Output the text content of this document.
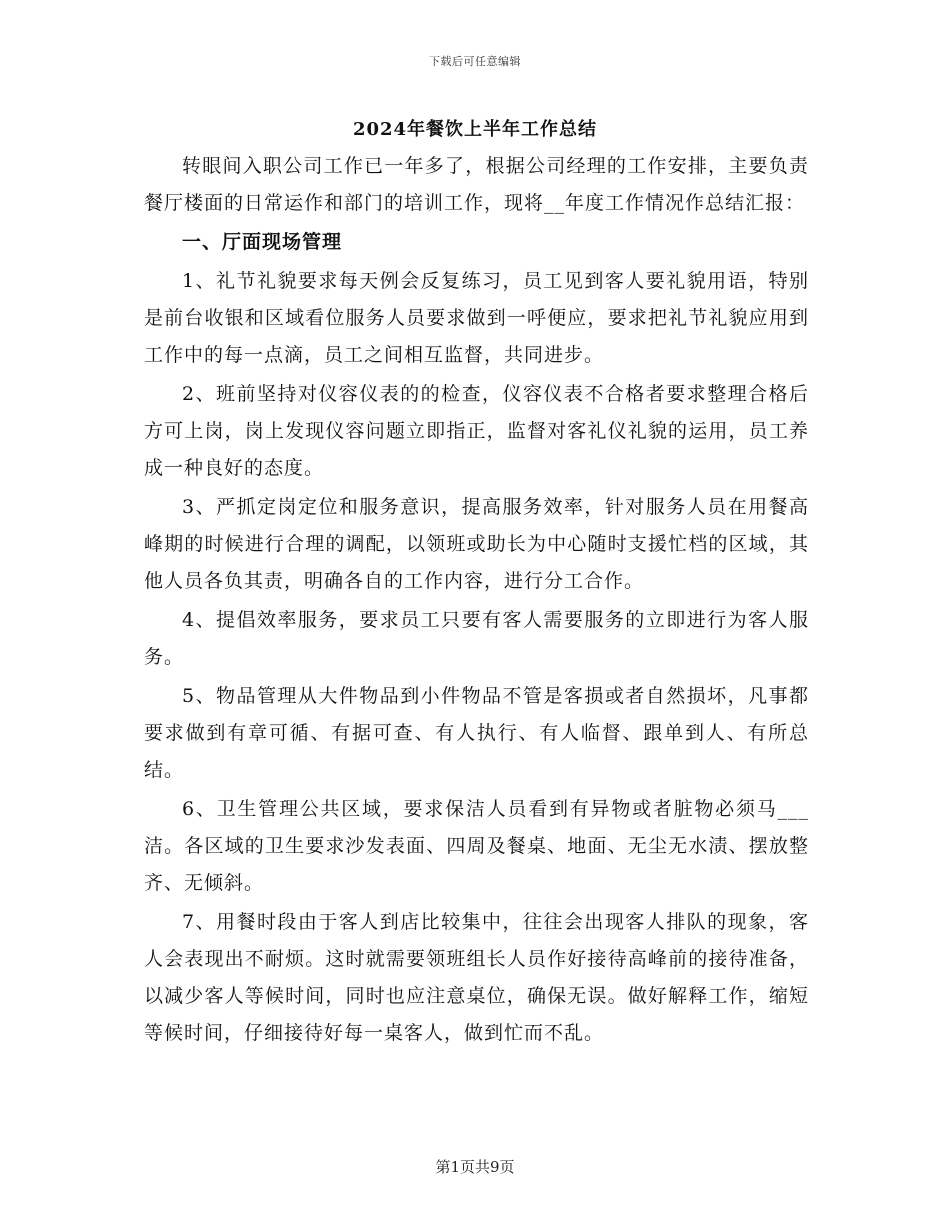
下载后可任意编辑
2024年餐饮上半年工作总结

转眼间入职公司工作已一年多了，根据公司经理的工作安排，主要负责餐厅楼面的日常运作和部门的培训工作，现将__年度工作情况作总结汇报：

一、厅面现场管理

1、礼节礼貌要求每天例会反复练习，员工见到客人要礼貌用语，特别是前台收银和区域看位服务人员要求做到一呼便应，要求把礼节礼貌应用到工作中的每一点滴，员工之间相互监督，共同进步。

2、班前坚持对仪容仪表的的检查，仪容仪表不合格者要求整理合格后方可上岗，岗上发现仪容问题立即指正，监督对客礼仪礼貌的运用，员工养成一种良好的态度。

3、严抓定岗定位和服务意识，提高服务效率，针对服务人员在用餐高峰期的时候进行合理的调配，以领班或助长为中心随时支援忙档的区域，其他人员各负其责，明确各自的工作内容，进行分工合作。

4、提倡效率服务，要求员工只要有客人需要服务的立即进行为客人服务。

5、物品管理从大件物品到小件物品不管是客损或者自然损坏，凡事都要求做到有章可循、有据可查、有人执行、有人临督、跟单到人、有所总结。

6、卫生管理公共区域，要求保洁人员看到有异物或者脏物必须马___洁。各区域的卫生要求沙发表面、四周及餐桌、地面、无尘无水渍、摆放整齐、无倾斜。

7、用餐时段由于客人到店比较集中，往往会出现客人排队的现象，客人会表现出不耐烦。这时就需要领班组长人员作好接待高峰前的接待准备，以减少客人等候时间，同时也应注意桌位，确保无误。做好解释工作，缩短等候时间，仔细接待好每一桌客人，做到忙而不乱。

第1页共9页
